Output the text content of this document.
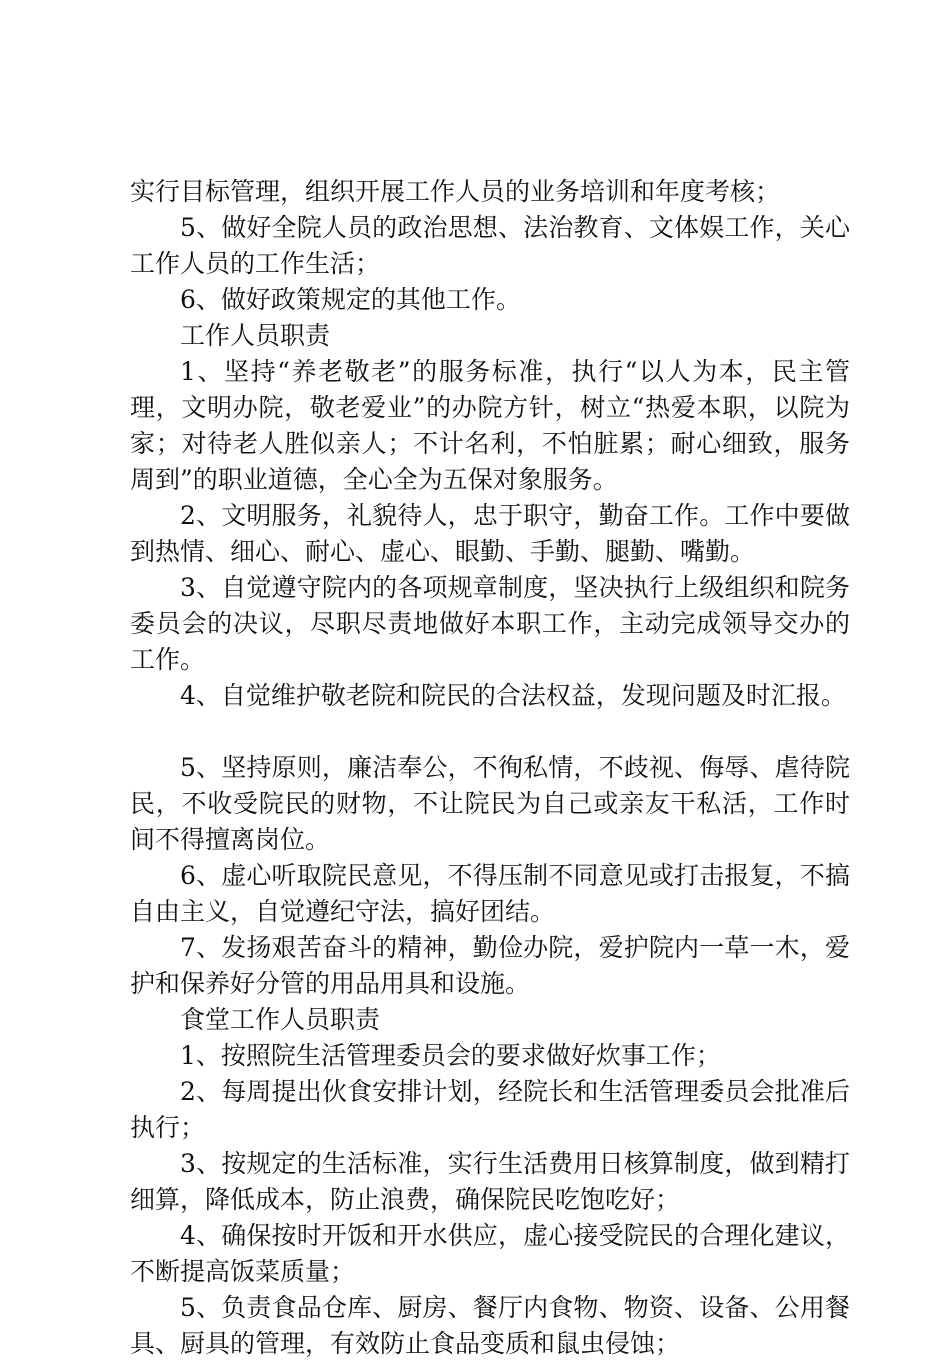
实行目标管理，组织开展工作人员的业务培训和年度考核；

5、做好全院人员的政治思想、法治教育、文体娱工作，关心工作人员的工作生活；

6、做好政策规定的其他工作。

工作人员职责

1、坚持“养老敬老”的服务标准，执行“以人为本，民主管理，文明办院，敬老爱业”的办院方针，树立“热爱本职，以院为家；对待老人胜似亲人；不计名利，不怕脏累；耐心细致，服务周到”的职业道德，全心全为五保对象服务。

2、文明服务，礼貌待人，忠于职守，勤奋工作。工作中要做到热情、细心、耐心、虚心、眼勤、手勤、腿勤、嘴勤。

3、自觉遵守院内的各项规章制度，坚决执行上级组织和院务委员会的决议，尽职尽责地做好本职工作，主动完成领导交办的工作。

4、自觉维护敬老院和院民的合法权益，发现问题及时汇报。

5、坚持原则，廉洁奉公，不徇私情，不歧视、侮辱、虐待院民，不收受院民的财物，不让院民为自己或亲友干私活，工作时间不得擅离岗位。

6、虚心听取院民意见，不得压制不同意见或打击报复，不搞自由主义，自觉遵纪守法，搞好团结。

7、发扬艰苦奋斗的精神，勤俭办院，爱护院内一草一木，爱护和保养好分管的用品用具和设施。

食堂工作人员职责

1、按照院生活管理委员会的要求做好炊事工作；

2、每周提出伙食安排计划，经院长和生活管理委员会批准后执行；

3、按规定的生活标准，实行生活费用日核算制度，做到精打细算，降低成本，防止浪费，确保院民吃饱吃好；

4、确保按时开饭和开水供应，虚心接受院民的合理化建议，不断提高饭菜质量；

5、负责食品仓库、厨房、餐厅内食物、物资、设备、公用餐具、厨具的管理，有效防止食品变质和鼠虫侵蚀；
